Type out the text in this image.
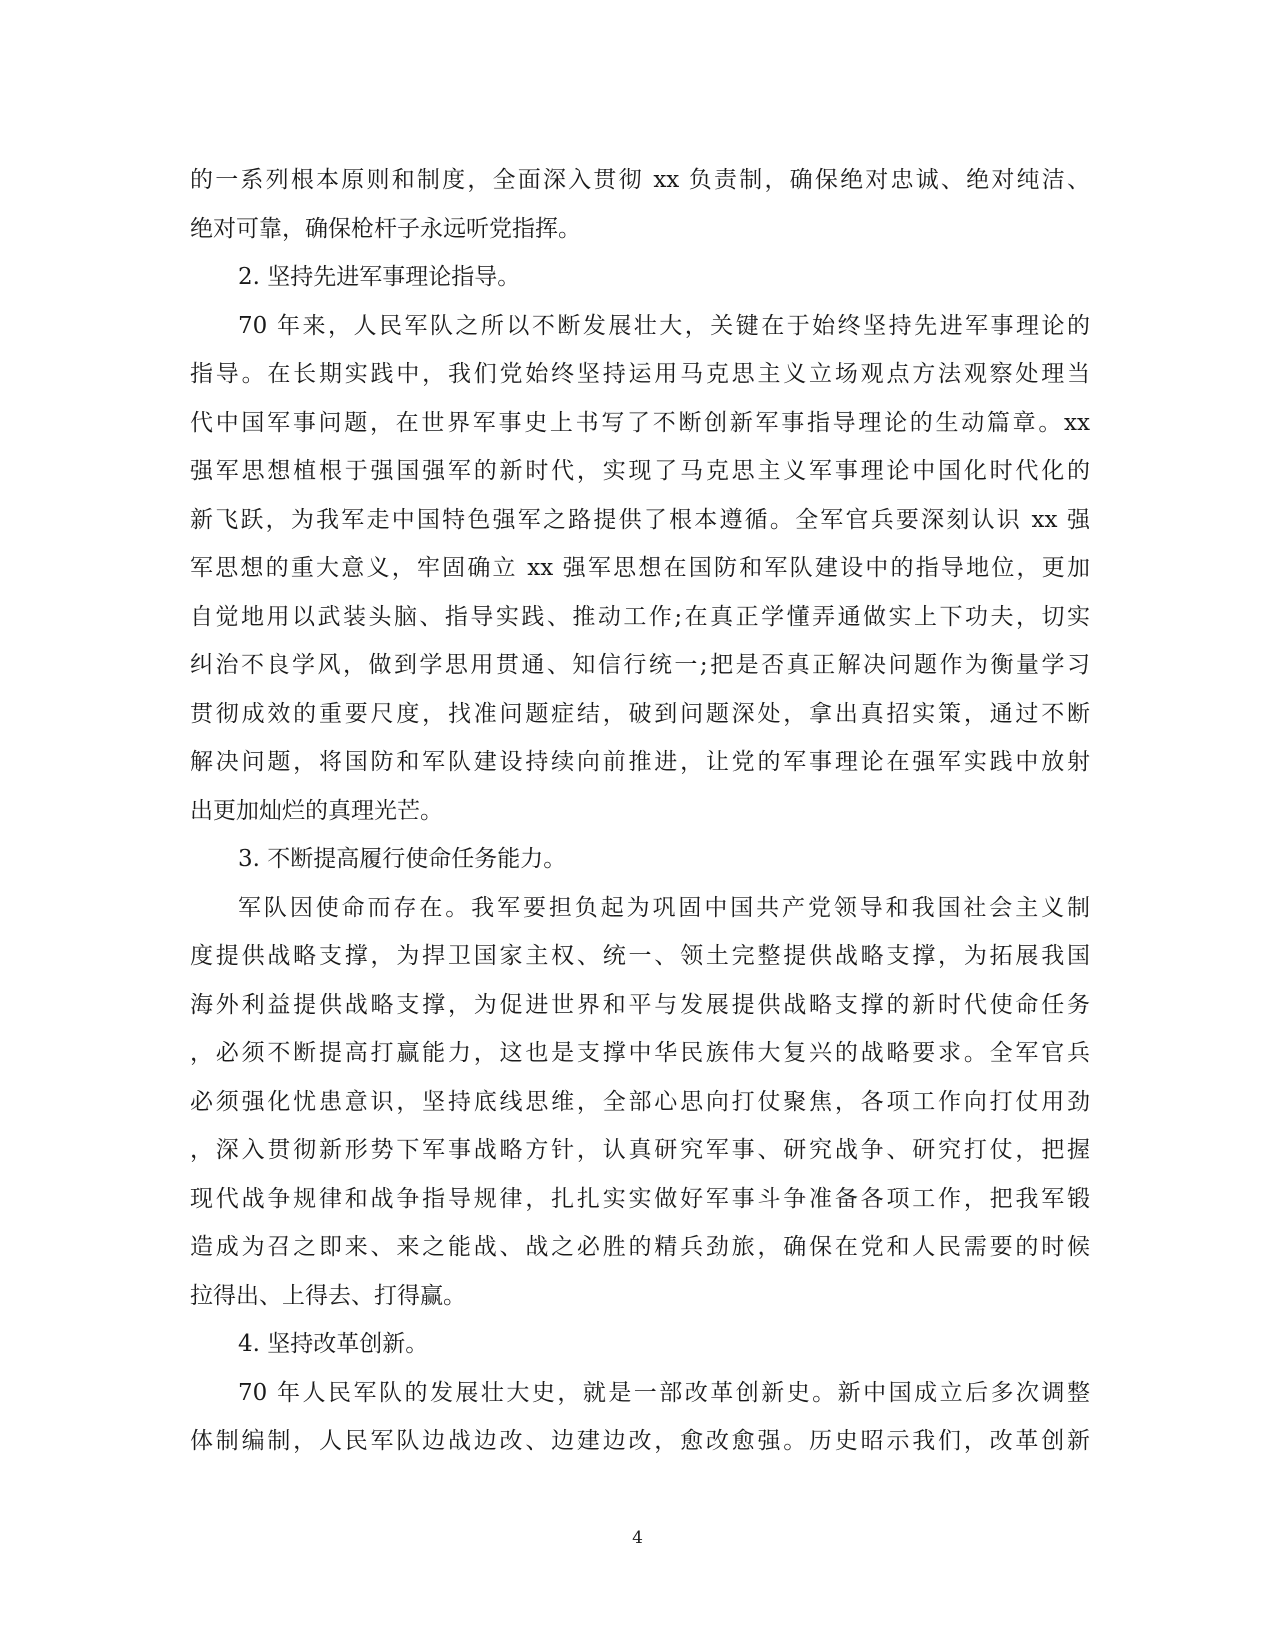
的一系列根本原则和制度，全面深入贯彻 xx 负责制，确保绝对忠诚、绝对纯洁、
绝对可靠，确保枪杆子永远听党指挥。
2. 坚持先进军事理论指导。
70 年来，人民军队之所以不断发展壮大，关键在于始终坚持先进军事理论的
指导。在长期实践中，我们党始终坚持运用马克思主义立场观点方法观察处理当
代中国军事问题，在世界军事史上书写了不断创新军事指导理论的生动篇章。xx
强军思想植根于强国强军的新时代，实现了马克思主义军事理论中国化时代化的
新飞跃，为我军走中国特色强军之路提供了根本遵循。全军官兵要深刻认识 xx 强
军思想的重大意义，牢固确立 xx 强军思想在国防和军队建设中的指导地位，更加
自觉地用以武装头脑、指导实践、推动工作;在真正学懂弄通做实上下功夫，切实
纠治不良学风，做到学思用贯通、知信行统一;把是否真正解决问题作为衡量学习
贯彻成效的重要尺度，找准问题症结，破到问题深处，拿出真招实策，通过不断
解决问题，将国防和军队建设持续向前推进，让党的军事理论在强军实践中放射
出更加灿烂的真理光芒。
3. 不断提高履行使命任务能力。
军队因使命而存在。我军要担负起为巩固中国共产党领导和我国社会主义制
度提供战略支撑，为捍卫国家主权、统一、领土完整提供战略支撑，为拓展我国
海外利益提供战略支撑，为促进世界和平与发展提供战略支撑的新时代使命任务
，必须不断提高打赢能力，这也是支撑中华民族伟大复兴的战略要求。全军官兵
必须强化忧患意识，坚持底线思维，全部心思向打仗聚焦，各项工作向打仗用劲
，深入贯彻新形势下军事战略方针，认真研究军事、研究战争、研究打仗，把握
现代战争规律和战争指导规律，扎扎实实做好军事斗争准备各项工作，把我军锻
造成为召之即来、来之能战、战之必胜的精兵劲旅，确保在党和人民需要的时候
拉得出、上得去、打得赢。
4. 坚持改革创新。
70 年人民军队的发展壮大史，就是一部改革创新史。新中国成立后多次调整
体制编制，人民军队边战边改、边建边改，愈改愈强。历史昭示我们，改革创新
4
